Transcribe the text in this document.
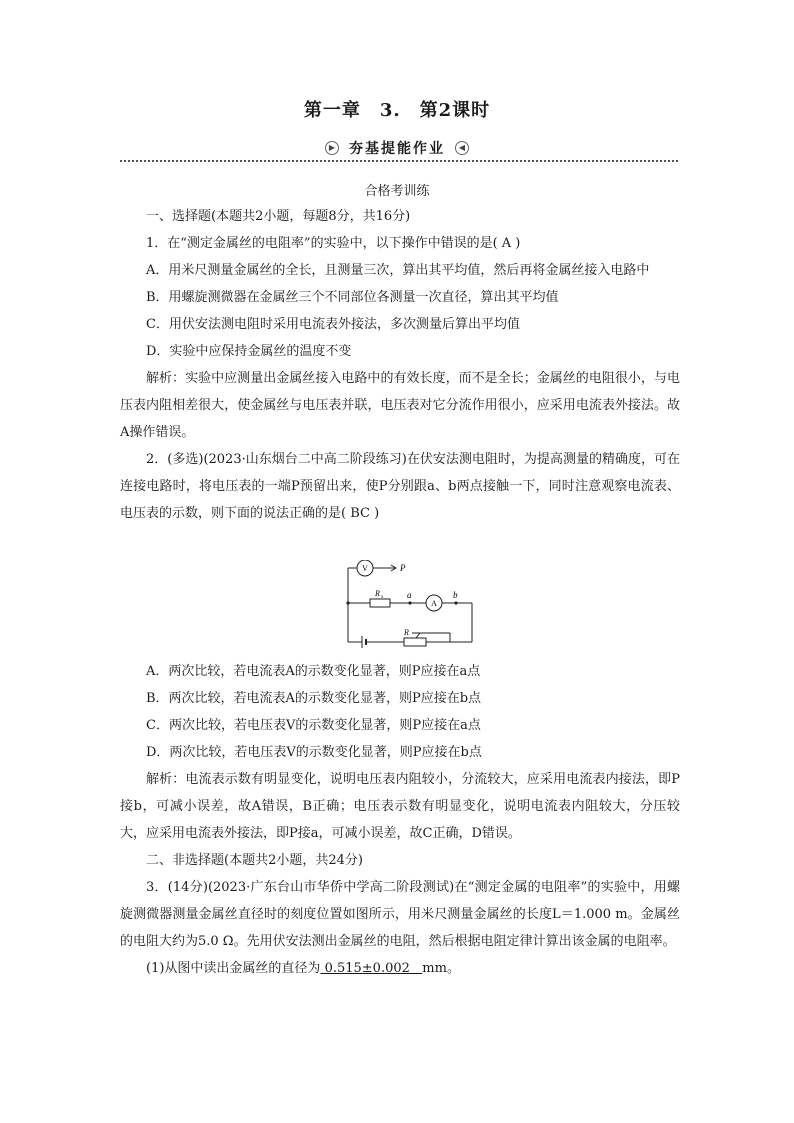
第一章　3.　第2课时
▶ 夯基提能作业	◀
合格考训练

一、选择题(本题共2小题，每题8分，共16分)

1．在“测定金属丝的电阻率”的实验中，以下操作中错误的是( A )

A．用米尺测量金属丝的全长，且测量三次，算出其平均值，然后再将金属丝接入电路中

B．用螺旋测微器在金属丝三个不同部位各测量一次直径，算出其平均值

C．用伏安法测电阻时采用电流表外接法，多次测量后算出平均值

D．实验中应保持金属丝的温度不变

解析：实验中应测量出金属丝接入电路中的有效长度，而不是全长；金属丝的电阻很小，与电压表内阻相差很大，使金属丝与电压表并联，电压表对它分流作用很小，应采用电流表外接法。故A操作错误。

2．(多选)(2023·山东烟台二中高二阶段练习)在伏安法测电阻时，为提高测量的精确度，可在连接电路时，将电压表的一端P预留出来，使P分别跟a、b两点接触一下，同时注意观察电流表、电压表的示数，则下面的说法正确的是( BC )

V
A
P
a	b
R x
R

A．两次比较，若电流表A的示数变化显著，则P应接在a点

B．两次比较，若电流表A的示数变化显著，则P应接在b点

C．两次比较，若电压表V的示数变化显著，则P应接在a点

D．两次比较，若电压表V的示数变化显著，则P应接在b点

解析：电流表示数有明显变化，说明电压表内阻较小，分流较大，应采用电流表内接法，即P接b，可减小误差，故A错误，B正确；电压表示数有明显变化，说明电流表内阻较大，分压较大，应采用电流表外接法，即P接a，可减小误差，故C正确，D错误。

二、非选择题(本题共2小题，共24分)

3．(14分)(2023·广东台山市华侨中学高二阶段测试)在“测定金属的电阻率”的实验中，用螺旋测微器测量金属丝直径时的刻度位置如图所示，用米尺测量金属丝的长度L＝1.000 m。金属丝的电阻大约为5.0 Ω。先用伏安法测出金属丝的电阻，然后根据电阻定律计算出该金属的电阻率。

(1)从图中读出金属丝的直径为 0.515±0.002 mm。
